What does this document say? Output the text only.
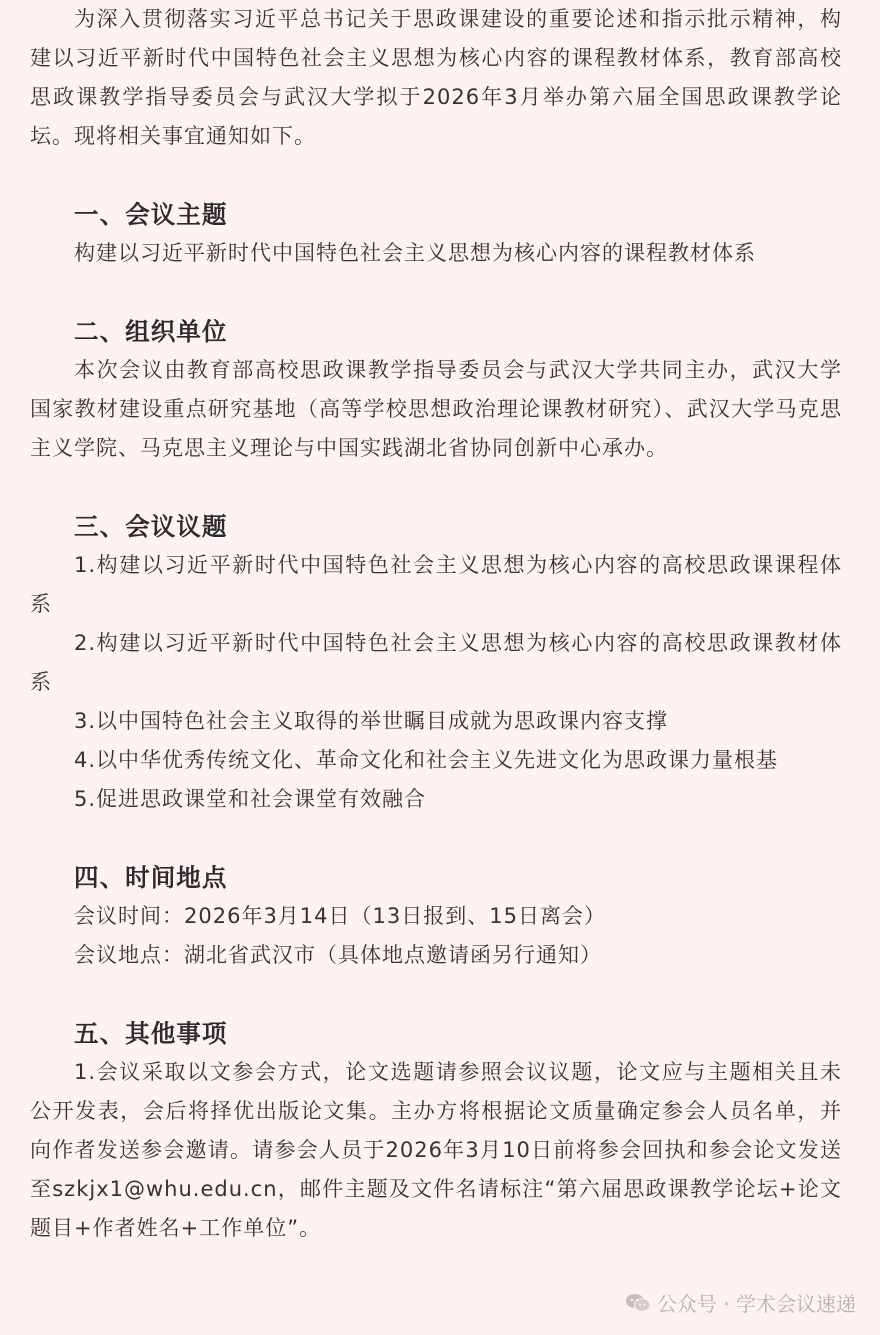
为深入贯彻落实习近平总书记关于思政课建设的重要论述和指示批示精神，构建以习近平新时代中国特色社会主义思想为核心内容的课程教材体系，教育部高校思政课教学指导委员会与武汉大学拟于2026年3月举办第六届全国思政课教学论坛。现将相关事宜通知如下。

一、会议主题

构建以习近平新时代中国特色社会主义思想为核心内容的课程教材体系

二、组织单位

本次会议由教育部高校思政课教学指导委员会与武汉大学共同主办，武汉大学国家教材建设重点研究基地（高等学校思想政治理论课教材研究）、武汉大学马克思主义学院、马克思主义理论与中国实践湖北省协同创新中心承办。

三、会议议题

1.构建以习近平新时代中国特色社会主义思想为核心内容的高校思政课课程体系

2.构建以习近平新时代中国特色社会主义思想为核心内容的高校思政课教材体系

3.以中国特色社会主义取得的举世瞩目成就为思政课内容支撑

4.以中华优秀传统文化、革命文化和社会主义先进文化为思政课力量根基

5.促进思政课堂和社会课堂有效融合

四、时间地点

会议时间：2026年3月14日（13日报到、15日离会）

会议地点：湖北省武汉市（具体地点邀请函另行通知）

五、其他事项

1.会议采取以文参会方式，论文选题请参照会议议题，论文应与主题相关且未公开发表，会后将择优出版论文集。主办方将根据论文质量确定参会人员名单，并向作者发送参会邀请。请参会人员于2026年3月10日前将参会回执和参会论文发送至szkjx1@whu.edu.cn，邮件主题及文件名请标注“第六届思政课教学论坛+论文题目+作者姓名+工作单位”。

公众号 · 学术会议速递
